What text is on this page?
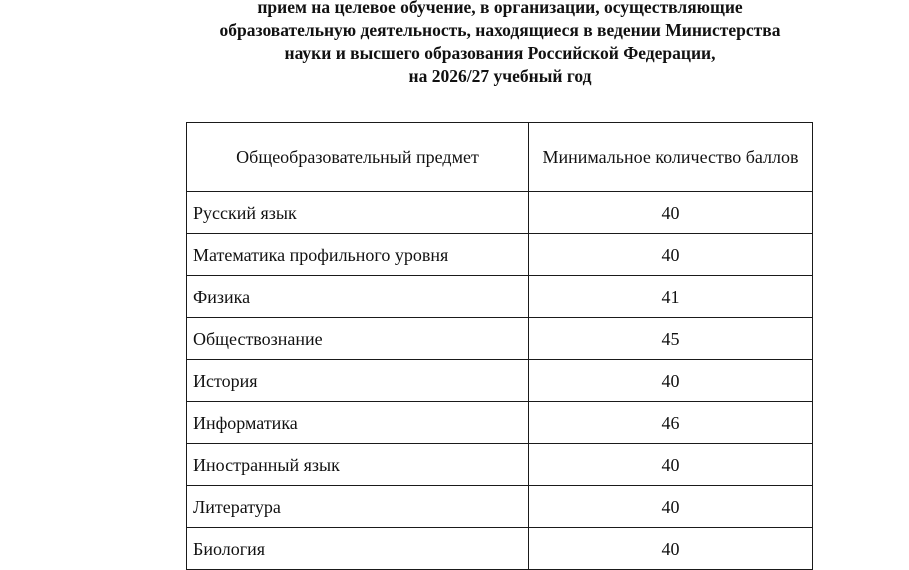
прием на целевое обучение, в организации, осуществляющие
образовательную деятельность, находящиеся в ведении Министерства
науки и высшего образования Российской Федерации,
на 2026/27 учебный год
Общеобразовательный предмет	Минимальное количество баллов
Русский язык	40
Математика профильного уровня	40
Физика	41
Обществознание	45
История	40
Информатика	46
Иностранный язык	40
Литература	40
Биология	40
